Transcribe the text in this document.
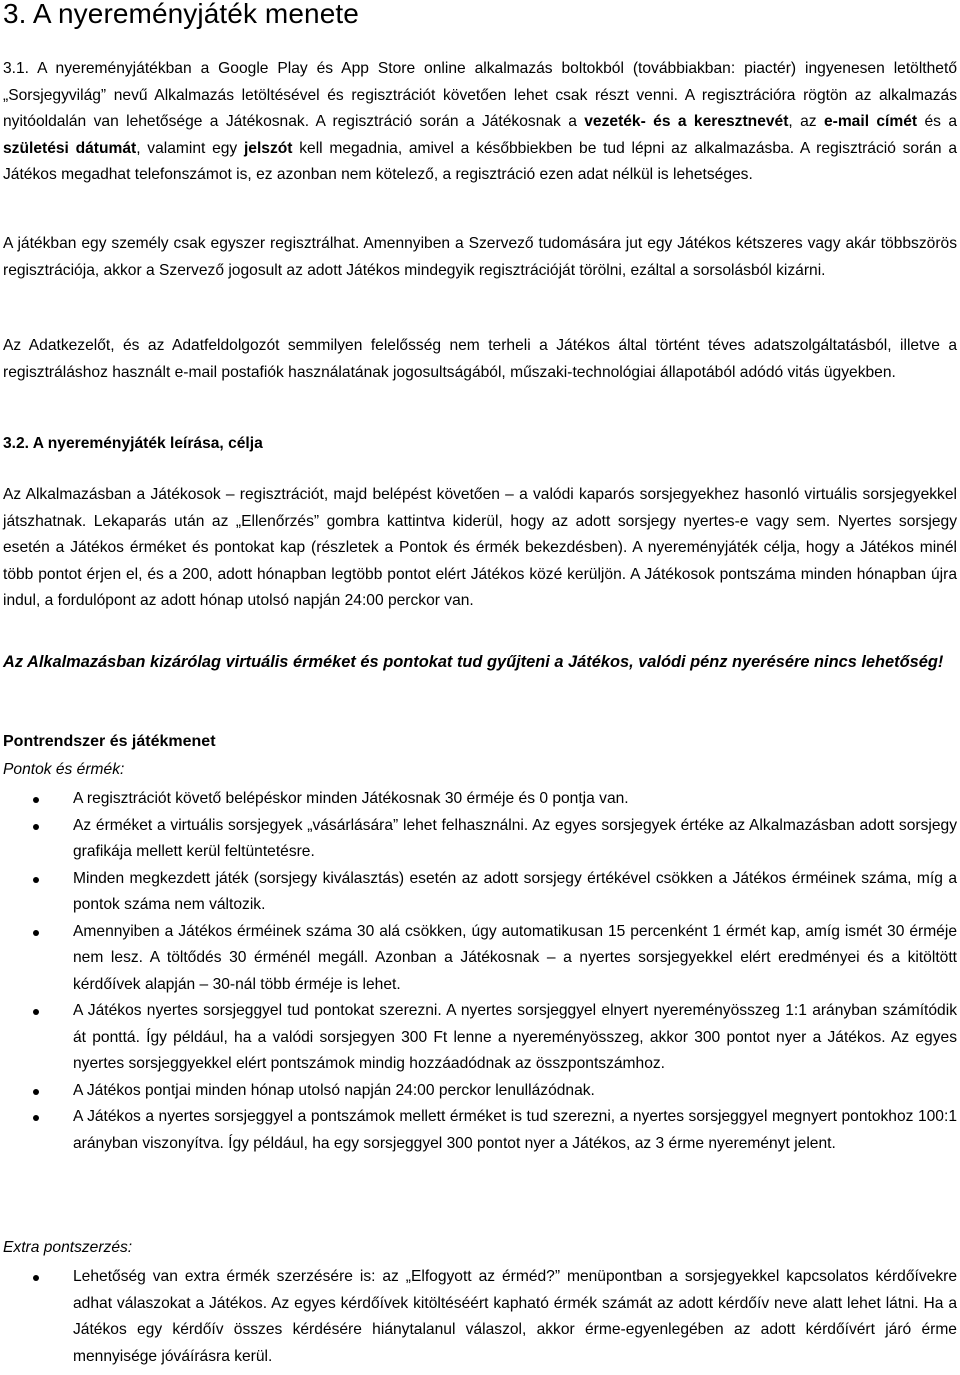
3. A nyereményjáték menete

3.1. A nyereményjátékban a Google Play és App Store online alkalmazás boltokból (továbbiakban: piactér) ingyenesen letölthető „Sorsjegyvilág” nevű Alkalmazás letöltésével és regisztrációt követően lehet csak részt venni. A regisztrációra rögtön az alkalmazás nyitóoldalán van lehetősége a Játékosnak. A regisztráció során a Játékosnak a vezeték- és a keresztnevét, az e-mail címét és a születési dátumát, valamint egy jelszót kell megadnia, amivel a későbbiekben be tud lépni az alkalmazásba. A regisztráció során a Játékos megadhat telefonszámot is, ez azonban nem kötelező, a regisztráció ezen adat nélkül is lehetséges.

A játékban egy személy csak egyszer regisztrálhat. Amennyiben a Szervező tudomására jut egy Játékos kétszeres vagy akár többszörös regisztrációja, akkor a Szervező jogosult az adott Játékos mindegyik regisztrációját törölni, ezáltal a sorsolásból kizárni.

Az Adatkezelőt, és az Adatfeldolgozót semmilyen felelősség nem terheli a Játékos által történt téves adatszolgáltatásból, illetve a regisztráláshoz használt e-mail postafiók használatának jogosultságából, műszaki-technológiai állapotából adódó vitás ügyekben.

3.2. A nyereményjáték leírása, célja

Az Alkalmazásban a Játékosok – regisztrációt, majd belépést követően – a valódi kaparós sorsjegyekhez hasonló virtuális sorsjegyekkel játszhatnak. Lekaparás után az „Ellenőrzés” gombra kattintva kiderül, hogy az adott sorsjegy nyertes-e vagy sem. Nyertes sorsjegy esetén a Játékos érméket és pontokat kap (részletek a Pontok és érmék bekezdésben). A nyereményjáték célja, hogy a Játékos minél több pontot érjen el, és a 200, adott hónapban legtöbb pontot elért Játékos közé kerüljön. A Játékosok pontszáma minden hónapban újra indul, a fordulópont az adott hónap utolsó napján 24:00 perckor van.

Az Alkalmazásban kizárólag virtuális érméket és pontokat tud gyűjteni a Játékos, valódi pénz nyerésére nincs lehetőség!

Pontrendszer és játékmenet
Pontok és érmék:
A regisztrációt követő belépéskor minden Játékosnak 30 érméje és 0 pontja van.
Az érméket a virtuális sorsjegyek „vásárlására” lehet felhasználni. Az egyes sorsjegyek értéke az Alkalmazásban adott sorsjegy grafikája mellett kerül feltüntetésre.
Minden megkezdett játék (sorsjegy kiválasztás) esetén az adott sorsjegy értékével csökken a Játékos érméinek száma, míg a pontok száma nem változik.
Amennyiben a Játékos érméinek száma 30 alá csökken, úgy automatikusan 15 percenként 1 érmét kap, amíg ismét 30 érméje nem lesz. A töltődés 30 érménél megáll. Azonban a Játékosnak – a nyertes sorsjegyekkel elért eredményei és a kitöltött kérdőívek alapján – 30-nál több érméje is lehet.
A Játékos nyertes sorsjeggyel tud pontokat szerezni. A nyertes sorsjeggyel elnyert nyereményösszeg 1:1 arányban számítódik át ponttá. Így például, ha a valódi sorsjegyen 300 Ft lenne a nyereményösszeg, akkor 300 pontot nyer a Játékos. Az egyes nyertes sorsjeggyekkel elért pontszámok mindig hozzáadódnak az összpontszámhoz.
A Játékos pontjai minden hónap utolsó napján 24:00 perckor lenullázódnak.
A Játékos a nyertes sorsjeggyel a pontszámok mellett érméket is tud szerezni, a nyertes sorsjeggyel megnyert pontokhoz 100:1 arányban viszonyítva. Így például, ha egy sorsjeggyel 300 pontot nyer a Játékos, az 3 érme nyereményt jelent.
Extra pontszerzés:
Lehetőség van extra érmék szerzésére is: az „Elfogyott az érméd?” menüpontban a sorsjegyekkel kapcsolatos kérdőívekre adhat válaszokat a Játékos. Az egyes kérdőívek kitöltéséért kapható érmék számát az adott kérdőív neve alatt lehet látni. Ha a Játékos egy kérdőív összes kérdésére hiánytalanul válaszol, akkor érme-egyenlegében az adott kérdőívért járó érme mennyisége jóváírásra kerül.
